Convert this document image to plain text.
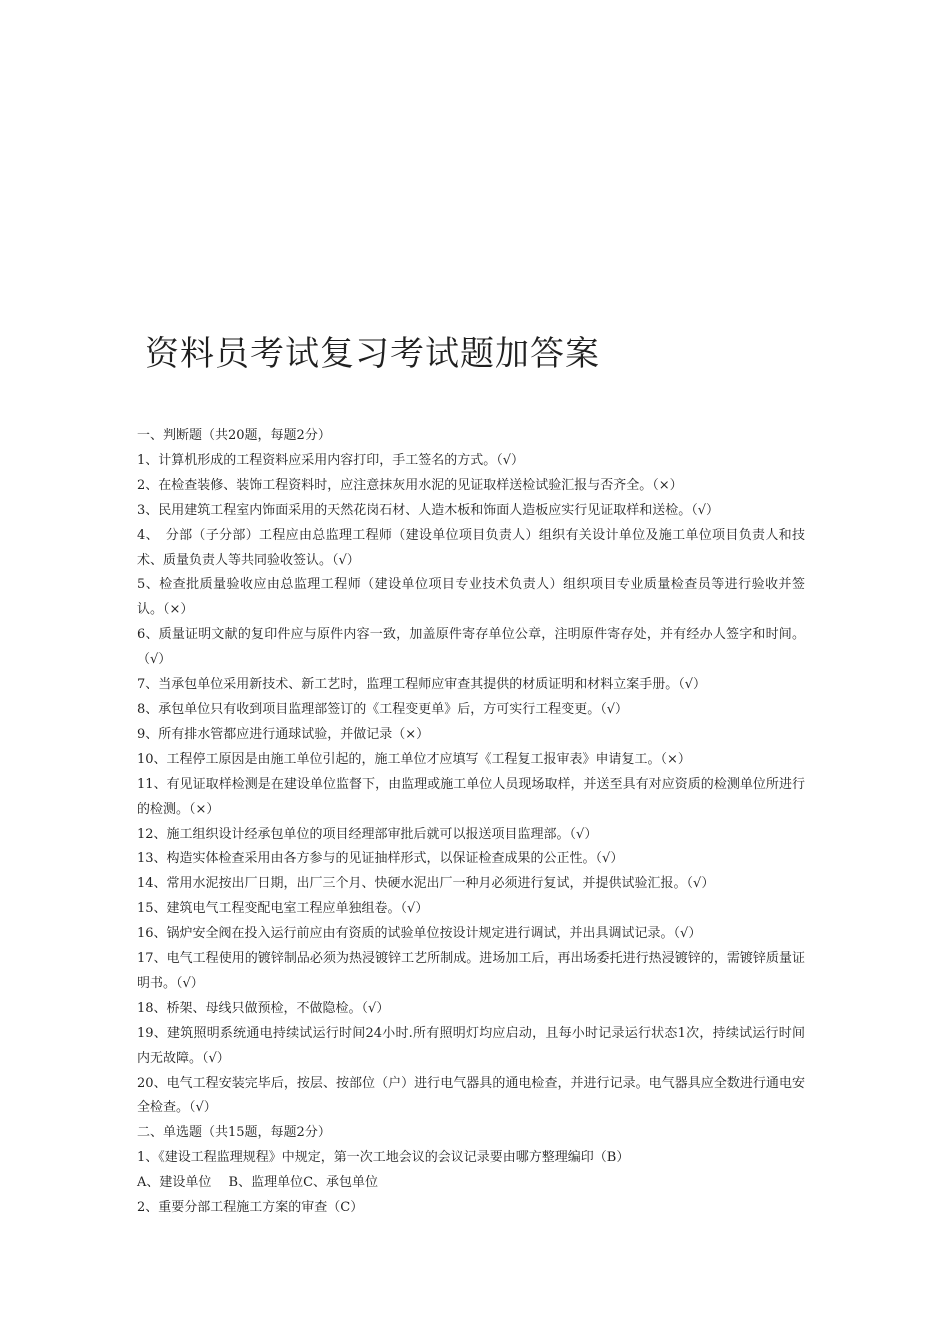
资料员考试复习考试题加答案
一、判断题（共20题，每题2分）
1、计算机形成的工程资料应采用内容打印，手工签名的方式。（√）
2、在检查装修、装饰工程资料时，应注意抹灰用水泥的见证取样送检试验汇报与否齐全。（×）
3、民用建筑工程室内饰面采用的天然花岗石材、人造木板和饰面人造板应实行见证取样和送检。（√）
4、　分部（子分部）工程应由总监理工程师（建设单位项目负责人）组织有关设计单位及施工单位项目负责人和技术、质量负责人等共同验收签认。（√）
5、检查批质量验收应由总监理工程师（建设单位项目专业技术负责人）组织项目专业质量检查员等进行验收并签认。（×）
6、质量证明文献的复印件应与原件内容一致，加盖原件寄存单位公章，注明原件寄存处，并有经办人签字和时间。（√）
7、当承包单位采用新技术、新工艺时，监理工程师应审查其提供的材质证明和材料立案手册。（√）
8、承包单位只有收到项目监理部签订的《工程变更单》后，方可实行工程变更。（√）
9、所有排水管都应进行通球试验，并做记录（×）
10、工程停工原因是由施工单位引起的，施工单位才应填写《工程复工报审表》申请复工。（×）
11、有见证取样检测是在建设单位监督下，由监理或施工单位人员现场取样，并送至具有对应资质的检测单位所进行的检测。（×）
12、施工组织设计经承包单位的项目经理部审批后就可以报送项目监理部。（√）
13、构造实体检查采用由各方参与的见证抽样形式，以保证检查成果的公正性。（√）
14、常用水泥按出厂日期，出厂三个月、快硬水泥出厂一种月必须进行复试，并提供试验汇报。（√）
15、建筑电气工程变配电室工程应单独组卷。（√）
16、锅炉安全阀在投入运行前应由有资质的试验单位按设计规定进行调试，并出具调试记录。（√）
17、电气工程使用的镀锌制品必须为热浸镀锌工艺所制成。进场加工后，再出场委托进行热浸镀锌的，需镀锌质量证明书。（√）
18、桥架、母线只做预检，不做隐检。（√）
19、建筑照明系统通电持续试运行时间24小时.所有照明灯均应启动，且每小时记录运行状态1次，持续试运行时间内无故障。（√）
20、电气工程安装完毕后，按层、按部位（户）进行电气器具的通电检查，并进行记录。电气器具应全数进行通电安全检查。（√）
二、单选题（共15题，每题2分）
1、《建设工程监理规程》中规定，第一次工地会议的会议记录要由哪方整理编印（B）
A、建设单位　 B、监理单位C、承包单位
2、重要分部工程施工方案的审查（C）
